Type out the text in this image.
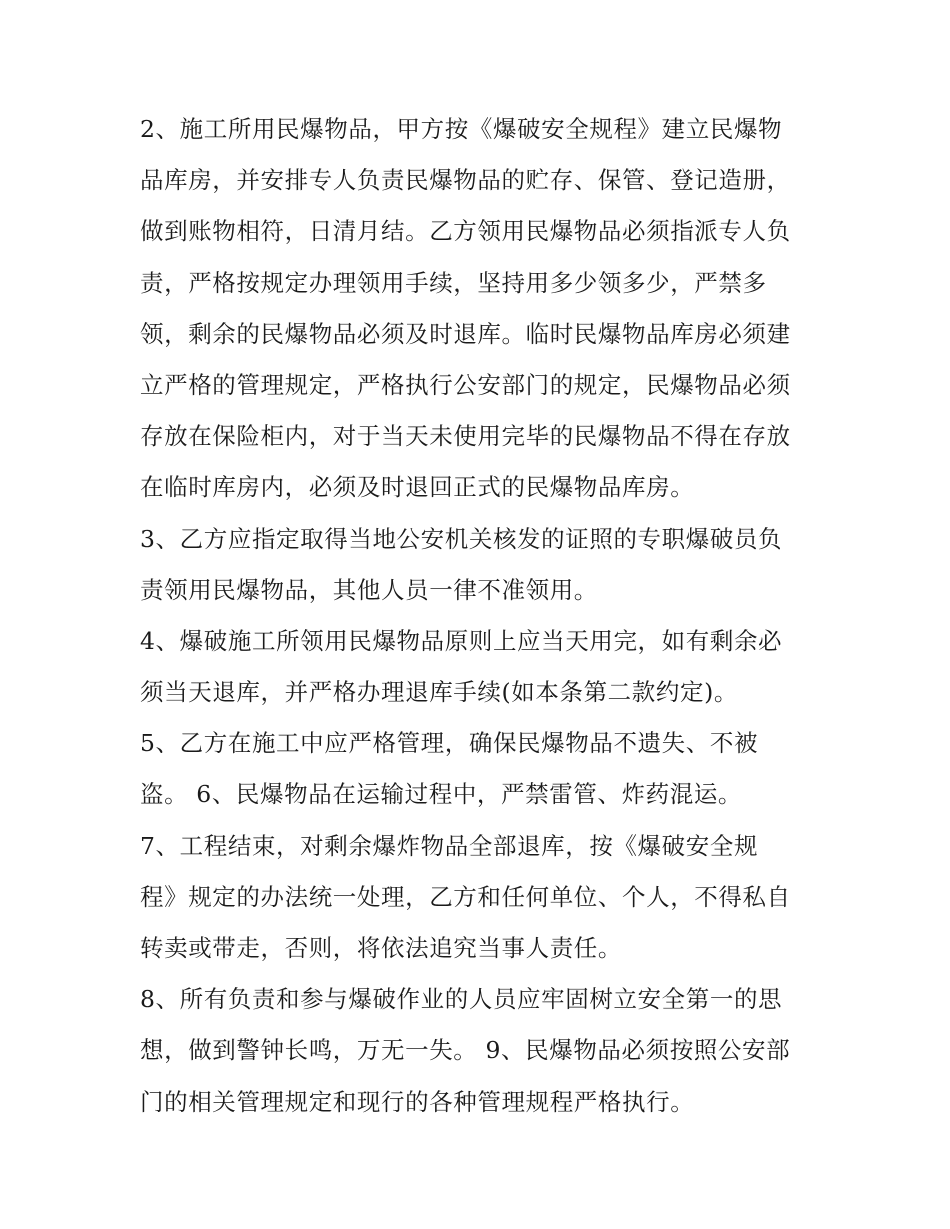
2、施工所用民爆物品，甲方按《爆破安全规程》建立民爆物
品库房，并安排专人负责民爆物品的贮存、保管、登记造册，
做到账物相符，日清月结。乙方领用民爆物品必须指派专人负
责，严格按规定办理领用手续，坚持用多少领多少，严禁多
领，剩余的民爆物品必须及时退库。临时民爆物品库房必须建
立严格的管理规定，严格执行公安部门的规定，民爆物品必须
存放在保险柜内，对于当天未使用完毕的民爆物品不得在存放
在临时库房内，必须及时退回正式的民爆物品库房。
3、乙方应指定取得当地公安机关核发的证照的专职爆破员负
责领用民爆物品，其他人员一律不准领用。
4、爆破施工所领用民爆物品原则上应当天用完，如有剩余必
须当天退库，并严格办理退库手续(如本条第二款约定)。
5、乙方在施工中应严格管理，确保民爆物品不遗失、不被
盗。 6、民爆物品在运输过程中，严禁雷管、炸药混运。
7、工程结束，对剩余爆炸物品全部退库，按《爆破安全规
程》规定的办法统一处理，乙方和任何单位、个人，不得私自
转卖或带走，否则，将依法追究当事人责任。
8、所有负责和参与爆破作业的人员应牢固树立安全第一的思
想，做到警钟长鸣，万无一失。 9、民爆物品必须按照公安部
门的相关管理规定和现行的各种管理规程严格执行。
